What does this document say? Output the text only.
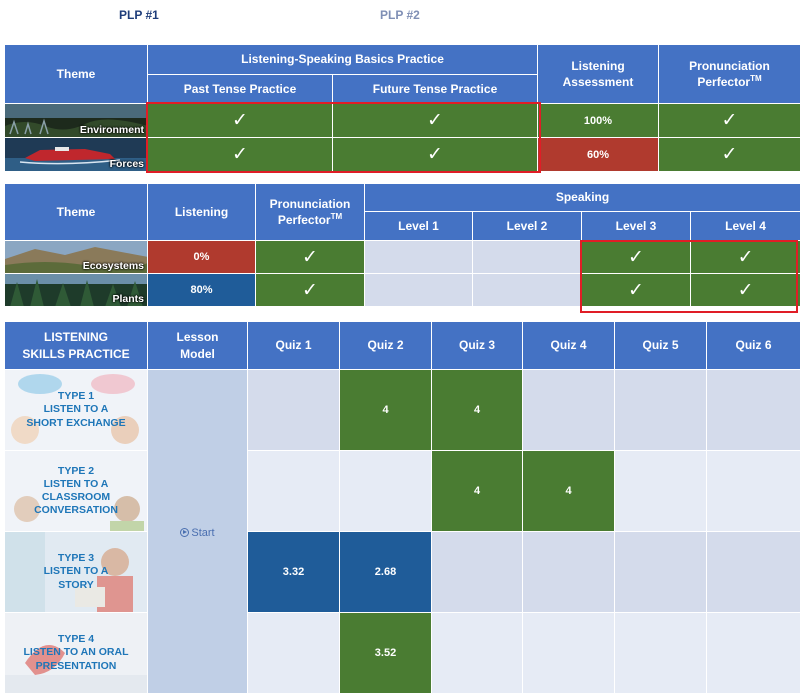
PLP #1	PLP #2
Theme	Listening-Speaking Basics Practice		Listening
Assessment	Pronunciation
Perfector™
	Past Tense Practice	Future Tense Practice		

Environment	✓	✓	100%	✓

Forces	✓	✓	60%	✓
Theme	Listening	Pronunciation
Perfector™	Speaking			
			Level 1	Level 2	Level 3	Level 4

Ecosystems	0%	✓			✓	✓

Plants	80%	✓			✓	✓
LISTENING
SKILLS PRACTICE	Lesson
Model	Quiz 1	Quiz 2	Quiz 3	Quiz 4	Quiz 5	Quiz 6

TYPE 1
LISTEN TO A
SHORT EXCHANGE	Start		4	4			

TYPE 2
LISTEN TO A
CLASSROOM
CONVERSATION				4	4		

TYPE 3
LISTEN TO A
STORY		3.32	2.68				

TYPE 4
LISTEN TO AN ORAL
PRESENTATION			3.52				
